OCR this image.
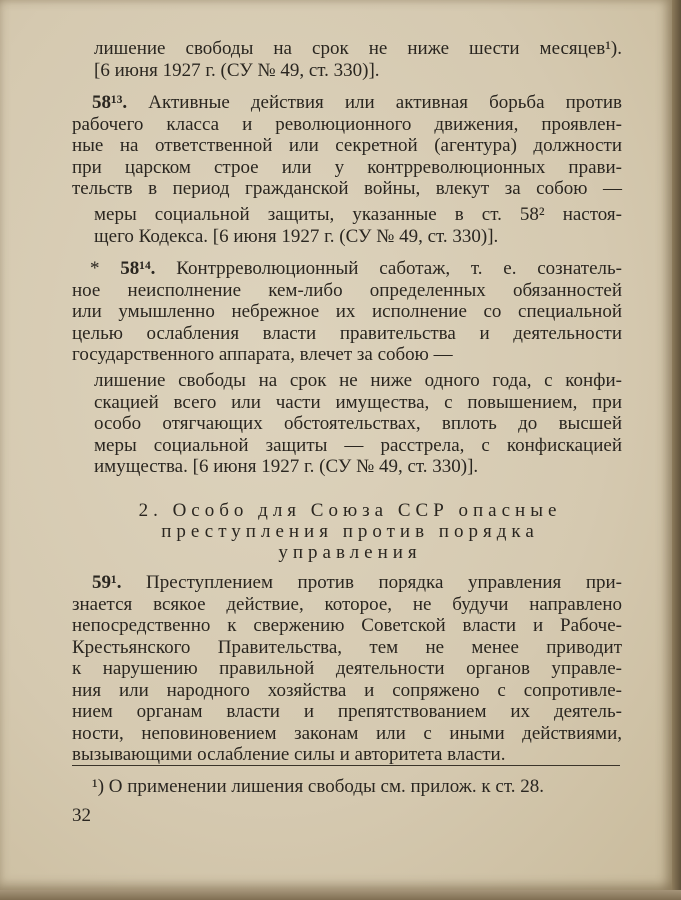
лишение свободы на срок не ниже шести месяцев¹).
[6 июня 1927 г. (СУ № 49, ст. 330)].
58¹³. Активные действия или активная борьба против
рабочего класса и революционного движения, проявлен-
ные на ответственной или секретной (агентура) должности
при царском строе или у контрреволюционных прави-
тельств в период гражданской войны, влекут за собою —
меры социальной защиты, указанные в ст. 58² настоя-
щего Кодекса. [6 июня 1927 г. (СУ № 49, ст. 330)].
* 58¹⁴. Контрреволюционный саботаж, т. е. сознатель-
ное неисполнение кем-либо определенных обязанностей
или умышленно небрежное их исполнение со специальной
целью ослабления власти правительства и деятельности
государственного аппарата, влечет за собою —
лишение свободы на срок не ниже одного года, с конфи-
скацией всего или части имущества, с повышением, при
особо отягчающих обстоятельствах, вплоть до высшей
меры социальной защиты — расстрела, с конфискацией
имущества. [6 июня 1927 г. (СУ № 49, ст. 330)].
2. Особо для Союза ССР опасные
преступления против порядка
управления
59¹. Преступлением против порядка управления при-
знается всякое действие, которое, не будучи направлено
непосредственно к свержению Советской власти и Рабоче-
Крестьянского Правительства, тем не менее приводит
к нарушению правильной деятельности органов управле-
ния или народного хозяйства и сопряжено с сопротивле-
нием органам власти и препятствованием их деятель-
ности, неповиновением законам или с иными действиями,
вызывающими ослабление силы и авторитета власти.
¹) О применении лишения свободы см. прилож. к ст. 28.
32
